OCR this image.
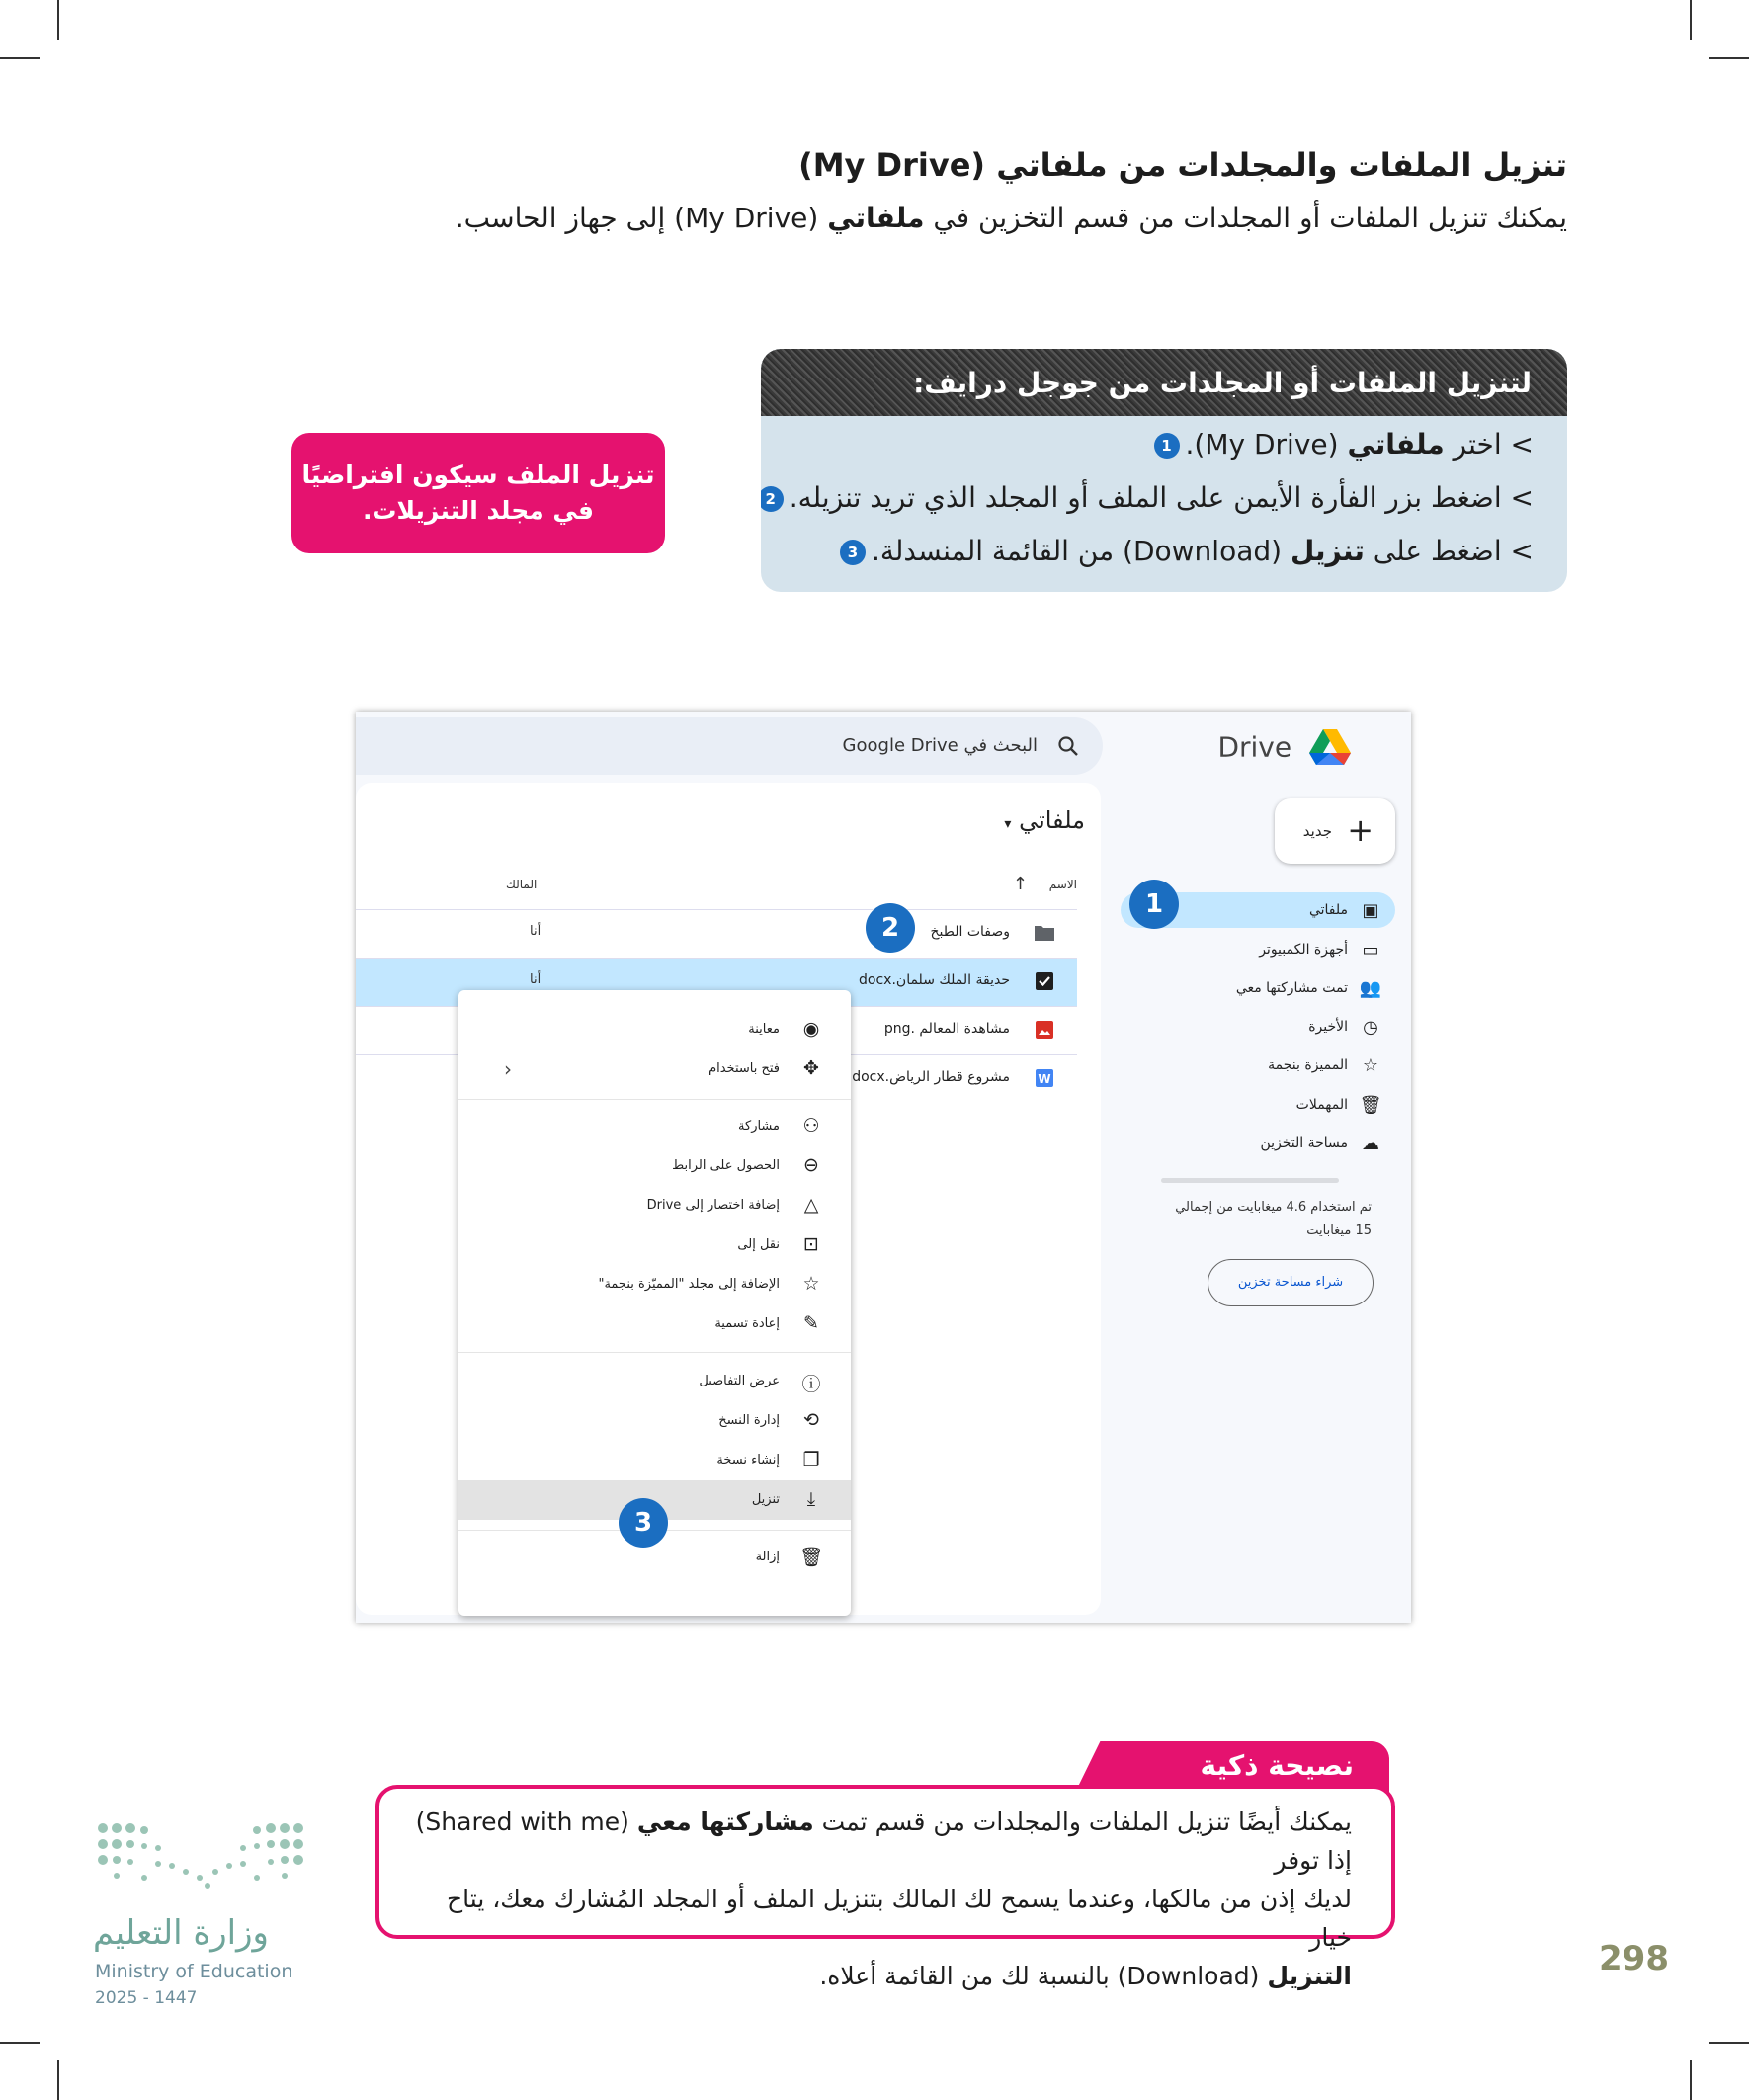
تنزيل الملفات والمجلدات من ملفاتي (My Drive)
يمكنك تنزيل الملفات أو المجلدات من قسم التخزين في ملفاتي (My Drive) إلى جهاز الحاسب.
لتنزيل الملفات أو المجلدات من جوجل درايف:
> اختر ملفاتي (My Drive).1
> اضغط بزر الفأرة الأيمن على الملف أو المجلد الذي تريد تنزيله.2
> اضغط على تنزيل (Download) من القائمة المنسدلة.3
تنزيل الملف سيكون افتراضيًا
في مجلد التنزيلات.
Drive
البحث في Google Drive
+
جديد
▣
ملفاتي
▭
أجهزة الكمبيوتر
👥
تمت مشاركتها معي
◷
الأخيرة
☆
المميزة بنجمة
🗑
المهملات
☁
مساحة التخزين
تم استخدام 4.6 ميغابايت من إجمالي 15 ميغابايت
شراء مساحة تخزين
ملفاتي ▾
الاسم
↑
المالك
وصفات الطبخ
أنا
حديقة الملك سلمان.docx
أنا
مشاهدة المعالم .png
W
مشروع قطار الرياض.docx
◉
معاينة
✥
فتح باستخدام
›
⚇
مشاركة
⊖
الحصول على الرابط
△
إضافة اختصار إلى Drive
⊡
نقل إلى
☆
الإضافة إلى مجلد "المميّزة بنجمة"
✎
إعادة تسمية
ⓘ
عرض التفاصيل
⟲
إدارة النسخ
❐
إنشاء نسخة
⤓
تنزيل
🗑
إزالة
1
2
3
نصيحة ذكية
يمكنك أيضًا تنزيل الملفات والمجلدات من قسم تمت مشاركتها معي (Shared with me) إذا توفر
لديك إذن من مالكها، وعندما يسمح لك المالك بتنزيل الملف أو المجلد المُشارك معك، يتاح خيار
التنزيل (Download) بالنسبة لك من القائمة أعلاه.	298
وزارة التعليم
Ministry of Education
2025 - 1447
